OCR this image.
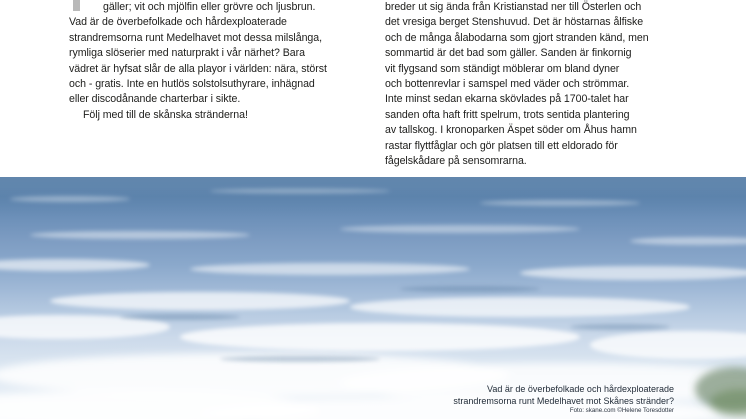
gäller; vit och mjölfin eller grövre och ljusbrun.

Vad är de överbefolkade och hårdexploaterade

strandremsorna runt Medelhavet mot dessa milslånga,

rymliga slöserier med naturprakt i vår närhet? Bara

vädret är hyfsat slår de alla playor i världen: nära, störst

och - gratis. Inte en hutlös solstolsuthyrare, inhägnad

eller discodånande charterbar i sikte.

Följ med till de skånska stränderna!

breder ut sig ända från Kristianstad ner till Österlen och

det vresiga berget Stenshuvud. Det är höstarnas ålfiske

och de många ålabodarna som gjort stranden känd, men

sommartid är det bad som gäller. Sanden är finkornig

vit flygsand som ständigt möblerar om bland dyner

och bottenrevlar i samspel med väder och strömmar.

Inte minst sedan ekarna skövlades på 1700-talet har

sanden ofta haft fritt spelrum, trots sentida plantering

av tallskog. I kronoparken Äspet söder om Åhus hamn

rastar flyttfåglar och gör platsen till ett eldorado för

fågelskådare på sensomrarna.

Vad är de överbefolkade och hårdexploaterade
strandremsorna runt Medelhavet mot Skånes stränder?
Foto: skane.com ©Helene Toresdotter
